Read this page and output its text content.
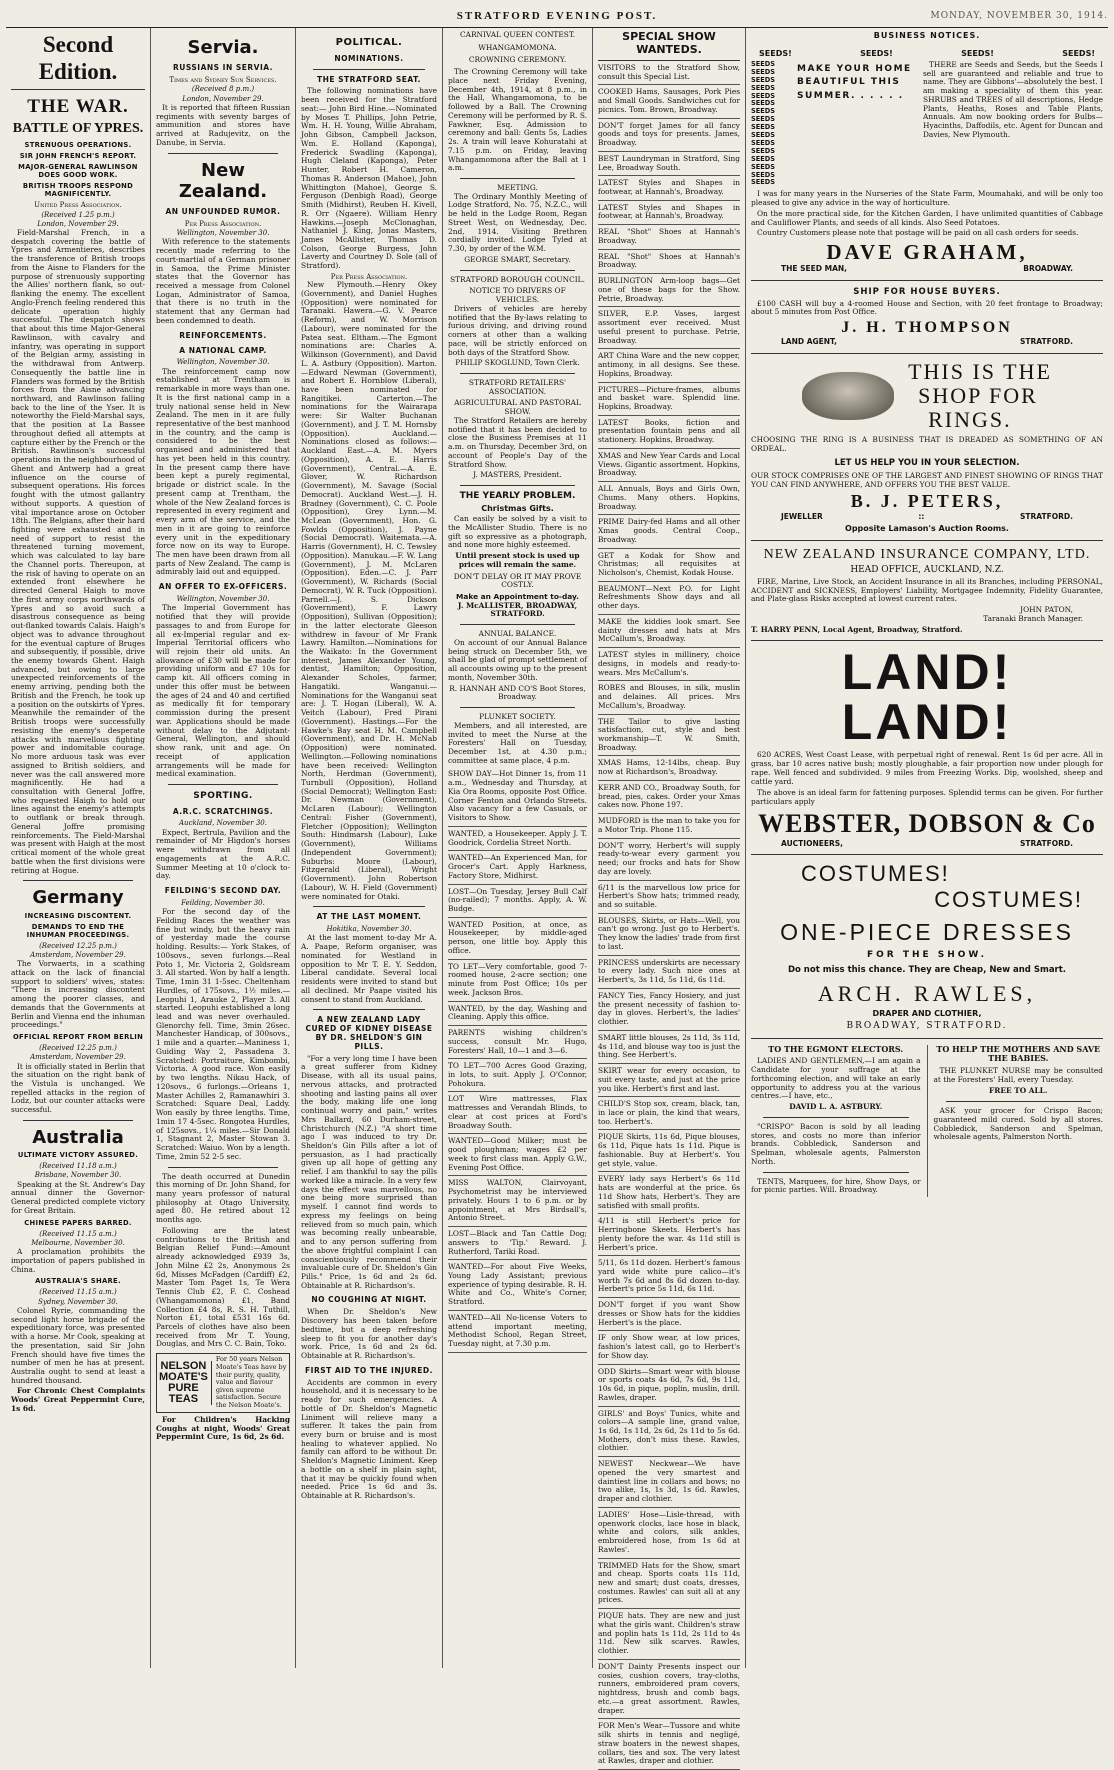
STRATFORD EVENING POST.	MONDAY, NOVEMBER 30, 1914.
Second Edition.
THE WAR.
BATTLE OF YPRES.
STRENUOUS OPERATIONS.
SIR JOHN FRENCH'S REPORT.
MAJOR-GENERAL RAWLINSON DOES GOOD WORK.
BRITISH TROOPS RESPOND MAGNIFICENTLY.
United Press Association.
(Received 1.25 p.m.)
London, November 29.

Field-Marshal French, in a despatch covering the battle of Ypres and Armentieres, describes the transference of British troops from the Aisne to Flanders for the purpose of strenuously supporting the Allies' northern flank, so out-flanking the enemy. The excellent Anglo-French feeling rendered this delicate operation highly successful. The despatch shows that about this time Major-General Rawlinson, with cavalry and infantry, was operating in support of the Belgian army, assisting in the withdrawal from Antwerp. Consequently the battle line in Flanders was formed by the British forces from the Aisne advancing northward, and Rawlinson falling back to the line of the Yser. It is noteworthy the Field-Marshal says, that the position at La Bassee throughout defied all attempts at capture either by the French or the British. Rawlinson's successful operations in the neighbourhood of Ghent and Antwerp had a great influence on the course of subsequent operations. His forces fought with the utmost gallantry without supports. A question of vital importance arose on October 18th. The Belgians, after their hard fighting were exhausted and in need of support to resist the threatened turning movement, which was calculated to lay bare the Channel ports. Thereupon, at the risk of having to operate on an extended front elsewhere he directed General Haigh to move the first army corps northwards of Ypres and so avoid such a disastrous consequence as being out-flanked towards Calais. Haigh's object was to advance throughout for the eventual capture of Bruges and subsequently, if possible, drive the enemy towards Ghent. Haigh advanced, but owing to large unexpected reinforcements of the enemy arriving, pending both the British and the French, he took up a position on the outskirts of Ypres. Meanwhile the remainder of the British troops were successfully resisting the enemy's desperate attacks with marvellous fighting power and indomitable courage. No more arduous task was ever assigned to British soldiers, and never was the call answered more magnificently. He had a consultation with General Joffre, who requested Haigh to hold our lines against the enemy's attempts to outflank or break through. General Joffre promising reinforcements. The Field-Marshal was present with Haigh at the most critical moment of the whole great battle when the first divisions were retiring at Hogue.

Germany
INCREASING DISCONTENT.
DEMANDS TO END THE INHUMAN PROCEEDINGS.
(Received 12.25 p.m.)
Amsterdam, November 29.

The Vorwaerts, in a scathing attack on the lack of financial support to soldiers' wives, states: "There is increasing discontent among the poorer classes, and demands that the Governments at Berlin and Vienna end the inhuman proceedings."

OFFICIAL REPORT FROM BERLIN
(Received 12.25 p.m.)
Amsterdam, November 29.

It is officially stated in Berlin that the situation on the right bank of the Vistula is unchanged. We repelled attacks in the region of Lodz, but our counter attacks were successful.

Australia
ULTIMATE VICTORY ASSURED.
(Received 11.18 a.m.)
Brisbane, November 30.

Speaking at the St. Andrew's Day annual dinner the Governor-General predicted complete victory for Great Britain.

CHINESE PAPERS BARRED.
(Received 11.15 a.m.)
Melbourne, November 30.

A proclamation prohibits the importation of papers published in China.

AUSTRALIA'S SHARE.
(Received 11.15 a.m.)
Sydney, November 30.

Colonel Ryrie, commanding the second light horse brigade of the expeditionary force, was presented with a horse. Mr Cook, speaking at the presentation, said Sir John French should have five times the number of men he has at present. Australia ought to send at least a hundred thousand.

For Chronic Chest Complaints Woods' Great Peppermint Cure, 1s 6d.

Servia.
RUSSIANS IN SERVIA.
Times and Sydney Sun Services.
(Received 8 p.m.)
London, November 29.

It is reported that fifteen Russian regiments with seventy barges of ammunition and stores have arrived at Radujevitz, on the Danube, in Servia.

New Zealand.
AN UNFOUNDED RUMOR.
Per Press Association.
Wellington, November 30.

With reference to the statements recently made referring to the court-martial of a German prisoner in Samoa, the Prime Minister states that the Governor has received a message from Colonel Logan, Administrator of Samoa, that there is no truth in the statement that any German had been condemned to death.

REINFORCEMENTS.
A NATIONAL CAMP.
Wellington, November 30.

The reinforcement camp now established at Trentham is remarkable in more ways than one. It is the first national camp in a truly national sense held in New Zealand. The men in it are fully representative of the best manhood in the country, and the camp is considered to be the best organised and administered that has yet been held in this country. In the present camp there have been kept a purely regimental, brigade or district scale. In the present camp at Trentham, the whole of the New Zealand forces is represented in every regiment and every arm of the service, and the men in it are going to reinforce every unit in the expeditionary force now on its way to Europe. The men have been drawn from all parts of New Zealand. The camp is admirably laid out and equipped.

AN OFFER TO EX-OFFICERS.
Wellington, November 30.

The Imperial Government has notified that they will provide passages to and from Europe for all ex-Imperial regular and ex-Imperial Territorial officers who will rejoin their old units. An allowance of £30 will be made for providing uniform and £7 10s for camp kit. All officers coming in under this offer must be between the ages of 24 and 40 and certified as medically fit for temporary commission during the present war. Applications should be made without delay to the Adjutant-General, Wellington, and should show rank, unit and age. On receipt of application arrangements will be made for medical examination.

SPORTING.
A.R.C. SCRATCHINGS.
Auckland, November 30.

Expect, Bertrula, Pavilion and the remainder of Mr Higdon's horses were withdrawn from all engagements at the A.R.C. Summer Meeting at 10 o'clock to-day.

FEILDING'S SECOND DAY.
Feilding, November 30.

For the second day of the Feilding Races the weather was fine but windy, but the heavy rain of yesterday made the course holding. Results:— York Stakes, of 100sovs., seven furlongs.—Real Poto 1, Mr. Victoria 2, Goldsream 3. All started. Won by half a length. Time, 1min 31 1-5sec. Cheltenham Hurdles, of 175sovs., 1½ miles.—Leopuhi 1, Arauke 2, Player 3. All started. Leopuhi established a long lead and was never overhauled. Glenorchy fell. Time, 3min 26sec. Manchester Handicap, of 300sovs., 1 mile and a quarter.—Maniness 1, Guiding Way 2, Passadena 3. Scratched: Portraiture, Kimbombi, Victoria. A good race. Won easily by two lengths. Nikau Hack, of 120sovs., 6 furlongs.—Orleans 1, Master Achilles 2, Ramanawhiri 3. Scratched: Square Deal, Laddy. Won easily by three lengths. Time, 1min 17 4-5sec. Rongotea Hurdles, of 125sovs., 1¼ miles.—Sir Donald 1, Stagnant 2, Master Stowan 3. Scratched: Waiuo. Won by a length. Time, 2min 52 2-5 sec.

The death occurred at Dunedin this morning of Dr. John Shand, for many years professor of natural philosophy at Otago University, aged 80. He retired about 12 months ago.

Following are the latest contributions to the British and Belgian Relief Fund:—Amount already acknowledged £939 3s, John Milne £2 2s, Anonymous 2s 6d, Misses McFadgen (Cardiff) £2, Master Tom Paget 1s, Te Wera Tennis Club £2, F. C. Coshead (Whangamomona) £1, Band Collection £4 8s, R. S. H. Tuthill, Norton £1, total £531 16s 6d. Parcels of clothes have also been received from Mr T. Young, Douglas, and Mrs C. C. Bain, Toko.

NELSON MOATE'S PURE TEAS
For 50 years Nelson Moate's Teas have by their purity, quality, value and flavour given supreme satisfaction. Secure the Nelson Moate's.

For Children's Hacking Coughs at night, Woods' Great Peppermint Cure, 1s 6d, 2s 6d.

POLITICAL.
NOMINATIONS.
THE STRATFORD SEAT.

The following nominations have been received for the Stratford seat:— John Bird Hine.—Nominated by Moses T. Phillips, John Petrie, Wm. H. H. Young, Willie Abraham, John Gibson, Campbell Jackson, Wm. E. Holland (Kaponga), Frederick Swadling (Kaponga), Hugh Cleland (Kaponga), Peter Hunter, Robert H. Cameron, Thomas R. Anderson (Mahoe), John Whittington (Mahoe), George S. Ferguson (Denbigh Road), George Smith (Midhirst), Reuben H. Kivell, R. Orr (Ngaere). William Henry Hawkins.—Joseph McClonaghan, Nathaniel J. King, Jonas Masters, James McAllister, Thomas D. Colson, George Burgess, John Laverty and Courtney D. Sole (all of Stratford).

Per Press Association.

New Plymouth.—Henry Okey (Government), and Daniel Hughes (Opposition) were nominated for Taranaki. Hawera.—G. V. Pearce (Reform), and W. Morrison (Labour), were nominated for the Patea seat. Eltham.—The Egmont nominations are: Charles A. Wilkinson (Government), and David L. A. Astbury (Opposition). Marton.—Edward Newman (Government), and Robert E. Hornblow (Liberal), have been nominated for Rangitikei. Carterton.—The nominations for the Wairarapa were: Sir Walter Buchanan (Government), and J. T. M. Hornsby (Opposition). Auckland.—Nominations closed as follows:—Auckland East.—A. M. Myers (Opposition), A. E. Harris (Government), Central.—A. E. Glover, W. Richardson (Government), M. Savage (Social Democrat). Auckland West.—J. H. Bradney (Government), C. C. Poole (Opposition), Grey Lynn.—M. McLean (Government), Hon. G. Fowlds (Opposition), J. Payne (Social Democrat). Waitemata.—A. Harris (Government), H. C. Tewsley (Opposition). Manukau.—F. W. Lang (Government), J. M. McLaren (Opposition). Eden.—C. J. Parr (Government), W. Richards (Social Democrat), W. R. Tuck (Opposition). Parnell.—J. S. Dickson (Government), F. Lawry (Opposition), Sullivan (Opposition); in the latter electorate Gleeson withdrew in favour of Mr Frank Lawry. Hamilton.—Nominations for the Waikato: In the Government interest, James Alexander Young, dentist, Hamilton; Opposition, Alexander Scholes, farmer, Hangatiki. Wanganui.—Nominations for the Wanganui seat are: J. T. Hogan (Liberal), W. A. Veitch (Labour), Fred Pirani (Government). Hastings.—For the Hawke's Bay seat H. M. Campbell (Government), and Dr. H. McNab (Opposition) were nominated. Wellington.—Following nominations have been received: Wellington North, Herdman (Government), Turnbull (Opposition), Holland (Social Democrat); Wellington East: Dr. Newman (Government), McLaren (Labour); Wellington Central: Fisher (Government), Fletcher (Opposition); Wellington South: Hindmarsh (Labour), Luke (Government), Williams (Independent Government); Suburbs: Moore (Labour), Fitzgerald (Liberal), Wright (Government). John Robertson (Labour), W. H. Field (Government) were nominated for Otaki.

AT THE LAST MOMENT.
Hokitika, November 30.

At the last moment to-day Mr A. A. Paape, Reform organiser, was nominated for Westland in opposition to Mr T. E. Y. Seddon, Liberal candidate. Several local residents were invited to stand but all declined. Mr Paape visited his consent to stand from Auckland.

A NEW ZEALAND LADY CURED OF KIDNEY DISEASE BY DR. SHELDON'S GIN PILLS.

"For a very long time I have been a great sufferer from Kidney Disease, with all its usual pains, nervous attacks, and protracted shooting and lasting pains all over the body, making life one long continual worry and pain," writes Mrs Ballard, 60 Durham-street, Christchurch (N.Z.) "A short time ago I was induced to try Dr. Sheldon's Gin Pills after a lot of persuasion, as I had practically given up all hope of getting any relief. I am thankful to say the pills worked like a miracle. In a very few days the effect was marvellous, no one being more surprised than myself. I cannot find words to express my feelings on being relieved from so much pain, which was becoming really unbearable, and to any person suffering from the above frightful complaint I can conscientiously recommend their invaluable cure of Dr. Sheldon's Gin Pills." Price, 1s 6d and 2s 6d. Obtainable at R. Richardson's.

NO COUGHING AT NIGHT.

When Dr. Sheldon's New Discovery has been taken before bedtime, but a deep refreshing sleep to fit you for another day's work. Price, 1s 6d and 2s 6d. Obtainable at R. Richardson's.

FIRST AID TO THE INJURED.

Accidents are common in every household, and it is necessary to be ready for such emergencies. A bottle of Dr. Sheldon's Magnetic Liniment will relieve many a sufferer. It takes the pain from every burn or bruise and is most healing to whatever applied. No family can afford to be without Dr. Sheldon's Magnetic Liniment. Keep a bottle on a shelf in plain sight, that it may be quickly found when needed. Price 1s 6d and 3s. Obtainable at R. Richardson's.

CARNIVAL QUEEN CONTEST.
WHANGAMOMONA.
CROWNING CEREMONY.

The Crowning Ceremony will take place next Friday Evening, December 4th, 1914, at 8 p.m., in the Hall, Whangamomona, to be followed by a Ball. The Crowning Ceremony will be performed by R. S. Fawkner, Esq. Admission to ceremony and ball: Gents 5s, Ladies 2s. A train will leave Kohuratahi at 7.15 p.m. on Friday, leaving Whangamomona after the Ball at 1 a.m.

MEETING.

The Ordinary Monthly Meeting of Lodge Stratford, No. 75, N.Z.C., will be held in the Lodge Room, Regan Street West, on Wednesday, Dec. 2nd, 1914. Visiting Brethren cordially invited. Lodge Tyled at 7.30, by order of the W.M.

GEORGE SMART, Secretary.
STRATFORD BOROUGH COUNCIL.
NOTICE TO DRIVERS OF VEHICLES.

Drivers of vehicles are hereby notified that the By-laws relating to furious driving, and driving round corners at other than a walking pace, will be strictly enforced on both days of the Stratford Show.

PHILIP SKOGLUND, Town Clerk.
STRATFORD RETAILERS' ASSOCIATION.
AGRICULTURAL AND PASTORAL SHOW.

The Stratford Retailers are hereby notified that it has been decided to close the Business Premises at 11 a.m. on Thursday, December 3rd, on account of People's Day of the Stratford Show.

J. MASTERS, President.
THE YEARLY PROBLEM.
Christmas Gifts.

Can easily be solved by a visit to the McAllister Studio. There is no gift so expressive as a photograph, and none more highly esteemed.

Until present stock is used up prices will remain the same.
DON'T DELAY OR IT MAY PROVE COSTLY.
Make an Appointment to-day.
J. McALLISTER, BROADWAY, STRATFORD.
ANNUAL BALANCE.

On account of our Annual Balance being struck on December 5th, we shall be glad of prompt settlement of all accounts owing up to the present month, November 30th.

R. HANNAH AND CO'S Boot Stores, Broadway.
PLUNKET SOCIETY.

Members, and all interested, are invited to meet the Nurse at the Foresters' Hall on Tuesday, December 1st, at 4.30 p.m.; committee at same place, 4 p.m.

SHOW DAY—Hot Dinner 1s, from 11 a.m., Wednesday and Thursday, at Kia Ora Rooms, opposite Post Office. Corner Fenton and Orlando Streets. Also vacancy for a few Casuals, or Visitors to Show.
WANTED, a Housekeeper. Apply J. T. Goodrick, Cordelia Street North.
WANTED—An Experienced Man, for Grocer's Cart. Apply Harkness, Factory Store, Midhirst.
LOST—On Tuesday, Jersey Bull Calf (no-railed); 7 months. Apply, A. W. Budge.
WANTED Position, at once, as Housekeeper, by middle-aged person, one little boy. Apply this office.
TO LET—Very comfortable, good 7-roomed house, 2-acre section; one minute from Post Office; 10s per week. Jackson Bros.
WANTED, by the day, Washing and Cleaning. Apply this office.
PARENTS wishing children's success, consult Mr. Hugo, Foresters' Hall, 10—1 and 3—6.
TO LET—700 Acres Good Grazing, in lots, to suit. Apply J. O'Connor, Pohokura.
LOT Wire mattresses, Flax mattresses and Verandah Blinds, to clear at cost prices at Ford's Broadway South.
WANTED—Good Milker; must be good ploughman; wages £2 per week to first class man. Apply G.W., Evening Post Office.
MISS WALTON, Clairvoyant, Psychometrist may be interviewed privately. Hours 1 to 6 p.m. or by appointment, at Mrs Birdsall's, Antonio Street.
LOST—Black and Tan Cattle Dog; answers to 'Tip.' Reward. J. Rutherford, Tariki Road.
WANTED—For about Five Weeks, Young Lady Assistant; previous experience of typing desirable. R. H. White and Co., White's Corner, Stratford.
WANTED—All No-license Voters to attend important meeting, Methodist School, Regan Street, Tuesday night, at 7.30 p.m.
SPECIAL SHOW WANTEDS.
VISITORS to the Stratford Show, consult this Special List.
COOKED Hams, Sausages, Pork Pies and Small Goods. Sandwiches cut for picnics. Tom. Brown, Broadway.
DON'T forget James for all fancy goods and toys for presents. James, Broadway.
BEST Laundryman in Stratford, Sing Lee, Broadway South.
LATEST Styles and Shapes in footwear, at Hannah's, Broadway.
LATEST Styles and Shapes in footwear, at Hannah's, Broadway.
REAL "Shot" Shoes at Hannah's Broadway.
REAL "Shot" Shoes at Hannah's Broadway.
BURLINGTON Arm-loop bags—Get one of these bags for the Show. Petrie, Broadway.
SILVER, E.P. Vases, largest assortment ever received. Must useful present to purchase. Petrie, Broadway.
ART China Ware and the new copper, antimony, in all designs. See these. Hopkins, Broadway.
PICTURES—Picture-frames, albums and basket ware. Splendid line. Hopkins, Broadway.
LATEST Books, fiction and presentation fountain pens and all stationery. Hopkins, Broadway.
XMAS and New Year Cards and Local Views. Gigantic assortment. Hopkins, Broadway.
ALL Annuals, Boys and Girls Own, Chums. Many others. Hopkins, Broadway.
PRIME Dairy-fed Hams and all other Xmas goods. Central Coop., Broadway.
GET a Kodak for Show and Christmas; all requisites at Nicholson's, Chemist, Kodak House.
BEAUMONT—Next P.O. for Light Refreshments Show days and all other days.
MAKE the kiddies look smart. See dainty dresses and hats at Mrs McCallum's, Broadway.
LATEST styles in millinery, choice designs, in models and ready-to-wears. Mrs McCallum's.
ROBES and Blouses, in silk, muslin and delaines. All prices. Mrs McCallum's, Broadway.
THE Tailor to give lasting satisfaction, cut, style and best workmanship—T. W. Smith, Broadway.
XMAS Hams, 12-14lbs, cheap. Buy now at Richardson's, Broadway.
KERR AND CO., Broadway South, for bread, pies, cakes. Order your Xmas cakes now. Phone 197.
MUDFORD is the man to take you for a Motor Trip. Phone 115.
DON'T worry, Herbert's will supply ready-to-wear every garment you need; our frocks and hats for Show day are lovely.
6/11 is the marvellous low price for Herbert's Show hats; trimmed ready, and so suitable.
BLOUSES, Skirts, or Hats—Well, you can't go wrong. Just go to Herbert's. They know the ladies' trade from first to last.
PRINCESS underskirts are necessary to every lady. Such nice ones at Herbert's, 3s 11d, 5s 11d, 6s 11d.
FANCY Ties, Fancy Hosiery, and just the present necessity of fashion to-day in gloves. Herbert's, the ladies' clothier.
SMART little blouses, 2s 11d, 3s 11d, 4s 11d, and blouse way too is just the thing. See Herbert's.
SKIRT wear for every occasion, to suit every taste, and just at the price you like. Herbert's first and last.
CHILD'S Stop sox, cream, black, tan, in lace or plain, the kind that wears, too. Herbert's.
PIQUE Skirts, 11s 6d, Pique blouses, 6s 11d, Pique hats 1s 11d. Pique is fashionable. Buy at Herbert's. You get style, value.
EVERY lady says Herbert's 6s 11d hats are wonderful at the price. 6s 11d Show hats, Herbert's. They are satisfied with small profits.
4/11 is still Herbert's price for Herringbone Skeets. Herbert's has plenty before the war. 4s 11d still is Herbert's price.
5/11, 6s 11d dozen. Herbert's famous yard wide white pure calico—it's worth 7s 6d and 8s 6d dozen to-day. Herbert's price 5s 11d, 6s 11d.
DON'T forget if you want Show dresses or Show hats for the kiddies Herbert's is the place.
IF only Show wear, at low prices, fashion's latest call, go to Herbert's for Show day.
ODD Skirts—Smart wear with blouse or sports coats 4s 6d, 7s 6d, 9s 11d, 10s 6d, in pique, poplin, muslin, drill. Rawles, draper.
GIRLS' and Boys' Tunics, white and colors—A sample line, grand value, 1s 6d, 1s 11d, 2s 6d, 2s 11d to 5s 6d. Mothers, don't miss these. Rawles, clothier.
NEWEST Neckwear—We have opened the very smartest and daintiest line in collars and bows; no two alike, 1s, 1s 3d, 1s 6d. Rawles, draper and clothier.
LADIES' Hose—Lisle-thread, with openwork clocks, lace hose in black, white and colors, silk ankles, embroidered hose, from 1s 6d at Rawles'.
TRIMMED Hats for the Show, smart and cheap. Sports coats 11s 11d, new and smart; dust coats, dresses, costumes. Rawles' can suit all at any prices.
PIQUE hats. They are new and just what the girls want. Children's straw and poplin hats 1s 11d, 2s 11d to 4s 11d. New silk scarves. Rawles, clothier.
DON'T Dainty Presents inspect our cosies, cushion covers, tray-cloths, runners, embroidered pram covers, nightdress, brush and comb bags, etc.—a great assortment. Rawles, draper.
FOR Men's Wear—Tussore and white silk shirts in tennis and negligé, straw boaters in the newest shapes, collars, ties and sox. The very latest at Rawles, draper and clothier.
BUSINESS NOTICES.
SEEDS!	SEEDS!	SEEDS!	SEEDS!
SEEDS
SEEDS
SEEDS
SEEDS
SEEDS
SEEDS
SEEDS
SEEDS
SEEDS
SEEDS
SEEDS
SEEDS
SEEDS
SEEDS
SEEDS
SEEDS
MAKE YOUR HOME
BEAUTIFUL THIS
SUMMER. . . . . .

THERE are Seeds and Seeds, but the Seeds I sell are guaranteed and reliable and true to name. They are Gibbons'—absolutely the best. I am making a speciality of them this year. SHRUBS and TREES of all descriptions, Hedge Plants, Heaths, Roses and Table Plants, Annuals. Am now booking orders for Bulbs—Hyacinths, Daffodils, etc. Agent for Duncan and Davies, New Plymouth.

I was for many years in the Nurseries of the State Farm, Moumahaki, and will be only too pleased to give any advice in the way of horticulture.

On the more practical side, for the Kitchen Garden, I have unlimited quantities of Cabbage and Cauliflower Plants, and seeds of all kinds. Also Seed Potatoes.

Country Customers please note that postage will be paid on all cash orders for seeds.

DAVE GRAHAM,
THE SEED MAN,	BROADWAY.
SHIP FOR HOUSE BUYERS.

£100 CASH will buy a 4-roomed House and Section, with 20 feet frontage to Broadway; about 5 minutes from Post Office.

J. H. THOMPSON
LAND AGENT,	STRATFORD.
THIS IS THE
SHOP FOR
RINGS.

CHOOSING THE RING IS A BUSINESS THAT IS DREADED AS SOMETHING OF AN ORDEAL.

LET US HELP YOU IN YOUR SELECTION.

OUR STOCK COMPRISES ONE OF THE LARGEST AND FINEST SHOWING OF RINGS THAT YOU CAN FIND ANYWHERE, AND OFFERS YOU THE BEST VALUE.

B. J. PETERS,
JEWELLER	::	STRATFORD.
Opposite Lamason's Auction Rooms.
NEW ZEALAND INSURANCE COMPANY, LTD.
HEAD OFFICE, AUCKLAND, N.Z.

FIRE, Marine, Live Stock, an Accident Insurance in all its Branches, including PERSONAL, ACCIDENT and SICKNESS, Employers' Liability, Mortgagee Indemnity, Fidelity Guarantee, and Plate-glass Risks accepted at lowest current rates.

JOHN PATON,
Taranaki Branch Manager.
T. HARRY PENN, Local Agent, Broadway, Stratford.
LAND! LAND!

620 ACRES, West Coast Lease, with perpetual right of renewal. Rent 1s 6d per acre. All in grass, bar 10 acres native bush; mostly ploughable, a fair proportion now under plough for rape. Well fenced and subdivided. 9 miles from Freezing Works. Dip, woolshed, sheep and cattle yard.

The above is an ideal farm for fattening purposes. Splendid terms can be given. For further particulars apply

WEBSTER, DOBSON & Co
AUCTIONEERS,	STRATFORD.
COSTUMES!
COSTUMES!
ONE-PIECE DRESSES
FOR THE SHOW.
Do not miss this chance. They are Cheap, New and Smart.
ARCH. RAWLES,
DRAPER AND CLOTHIER,
BROADWAY, STRATFORD.
TO THE EGMONT ELECTORS.

LADIES AND GENTLEMEN,—I am again a Candidate for your suffrage at the forthcoming election, and will take an early opportunity to address you at the various centres.—I have, etc.,

DAVID L. A. ASTBURY.

"CRISPO" Bacon is sold by all leading stores, and costs no more than inferior brands. Cobbledick, Sanderson and Spelman, wholesale agents, Palmerston North.

TENTS, Marquees, for hire, Show Days, or for picnic parties. Will. Broadway.

TO HELP THE MOTHERS AND SAVE THE BABIES.

THE PLUNKET NURSE may be consulted at the Foresters' Hall, every Tuesday.

FREE TO ALL.

ASK your grocer for Crispo Bacon; guaranteed mild cured. Sold by all stores. Cobbledick, Sanderson and Spelman, wholesale agents, Palmerston North.
